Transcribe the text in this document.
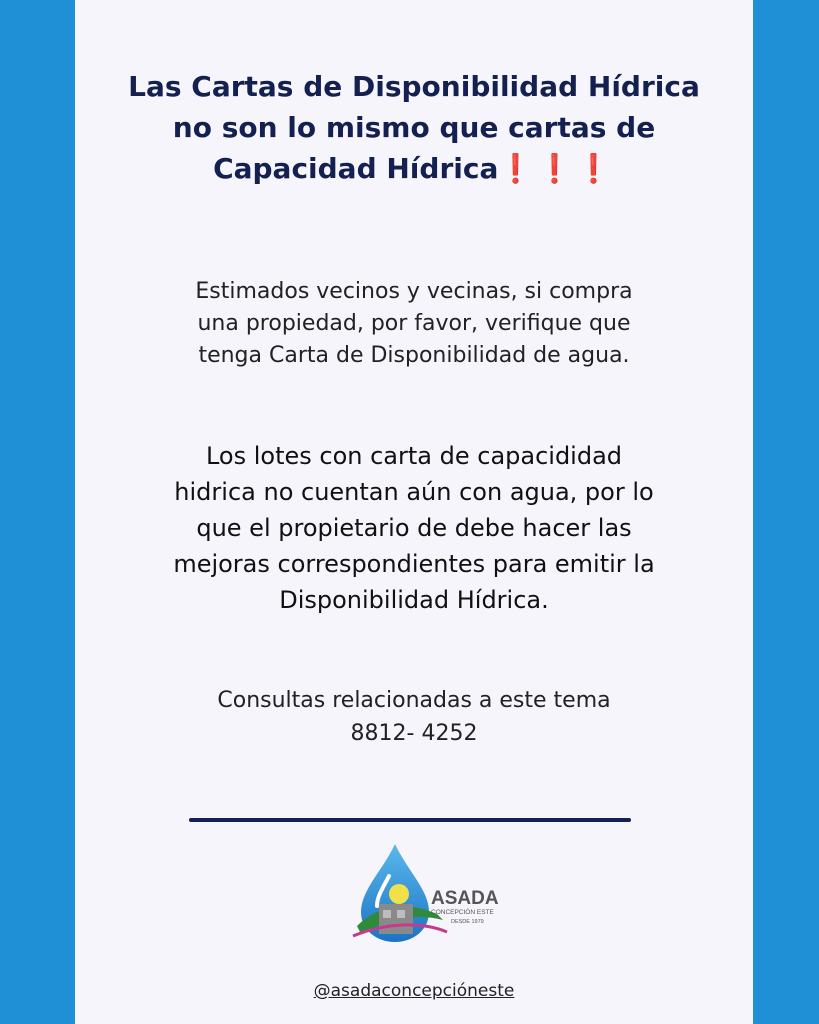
Las Cartas de Disponibilidad Hídrica
no son lo mismo que cartas de
Capacidad Hídrica❗❗❗
Estimados vecinos y vecinas, si compra
una propiedad, por favor, verifique que
tenga Carta de Disponibilidad de agua.
Los lotes con carta de capacididad
hidrica no cuentan aún con agua, por lo
que el propietario de debe hacer las
mejoras correspondientes para emitir la
Disponibilidad Hídrica.
Consultas relacionadas a este tema
8812- 4252
ASADA
CONCEPCIÓN ESTE
DESDE 1979
@asadaconcepcióneste
